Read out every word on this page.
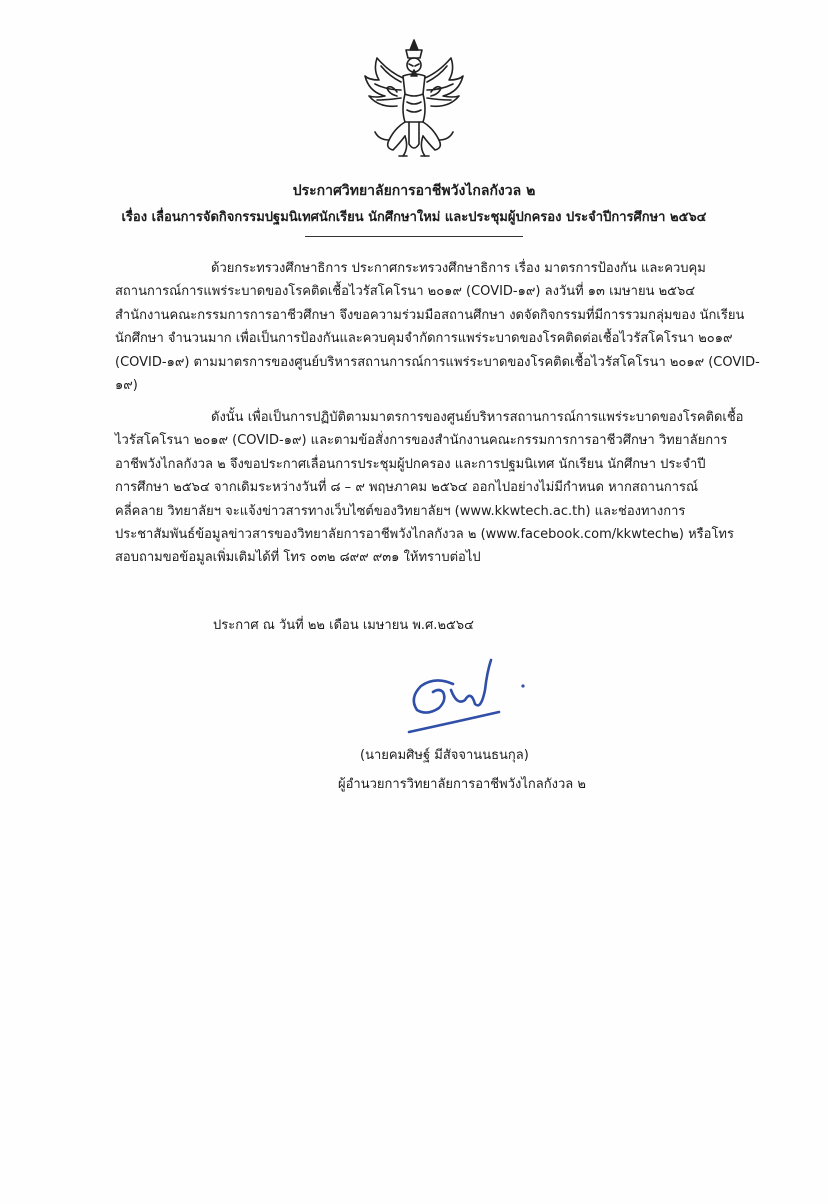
ประกาศวิทยาลัยการอาชีพวังไกลกังวล ๒
เรื่อง เลื่อนการจัดกิจกรรมปฐมนิเทศนักเรียน นักศึกษาใหม่ และประชุมผู้ปกครอง ประจำปีการศึกษา ๒๕๖๔
ด้วยกระทรวงศึกษาธิการ ประกาศกระทรวงศึกษาธิการ เรื่อง มาตรการป้องกัน และควบคุม
สถานการณ์การแพร่ระบาดของโรคติดเชื้อไวรัสโคโรนา ๒๐๑๙ (COVID-๑๙) ลงวันที่ ๑๓ เมษายน ๒๕๖๔
สำนักงานคณะกรรมการการอาชีวศึกษา จึงขอความร่วมมือสถานศึกษา งดจัดกิจกรรมที่มีการรวมกลุ่มของ นักเรียน
นักศึกษา จำนวนมาก เพื่อเป็นการป้องกันและควบคุมจำกัดการแพร่ระบาดของโรคติดต่อเชื้อไวรัสโคโรนา ๒๐๑๙
(COVID-๑๙) ตามมาตรการของศูนย์บริหารสถานการณ์การแพร่ระบาดของโรคติดเชื้อไวรัสโคโรนา ๒๐๑๙ (COVID-
๑๙)
ดังนั้น เพื่อเป็นการปฏิบัติตามมาตรการของศูนย์บริหารสถานการณ์การแพร่ระบาดของโรคติดเชื้อ
ไวรัสโคโรนา ๒๐๑๙ (COVID-๑๙) และตามข้อสั่งการของสำนักงานคณะกรรมการการอาชีวศึกษา วิทยาลัยการ
อาชีพวังไกลกังวล ๒ จึงขอประกาศเลื่อนการประชุมผู้ปกครอง และการปฐมนิเทศ นักเรียน นักศึกษา ประจำปี
การศึกษา ๒๕๖๔ จากเดิมระหว่างวันที่ ๘ – ๙ พฤษภาคม ๒๕๖๔ ออกไปอย่างไม่มีกำหนด หากสถานการณ์
คลี่คลาย วิทยาลัยฯ จะแจ้งข่าวสารทางเว็บไซต์ของวิทยาลัยฯ (www.kkwtech.ac.th) และช่องทางการ
ประชาสัมพันธ์ข้อมูลข่าวสารของวิทยาลัยการอาชีพวังไกลกังวล ๒ (www.facebook.com/kkwtech๒) หรือโทร
สอบถามขอข้อมูลเพิ่มเติมได้ที่ โทร ๐๓๒ ๘๙๙ ๙๓๑ ให้ทราบต่อไป
ประกาศ ณ วันที่ ๒๒ เดือน เมษายน พ.ศ.๒๕๖๔
(นายคมศิษฐ์ มีสัจจานนธนกุล)
ผู้อำนวยการวิทยาลัยการอาชีพวังไกลกังวล ๒
